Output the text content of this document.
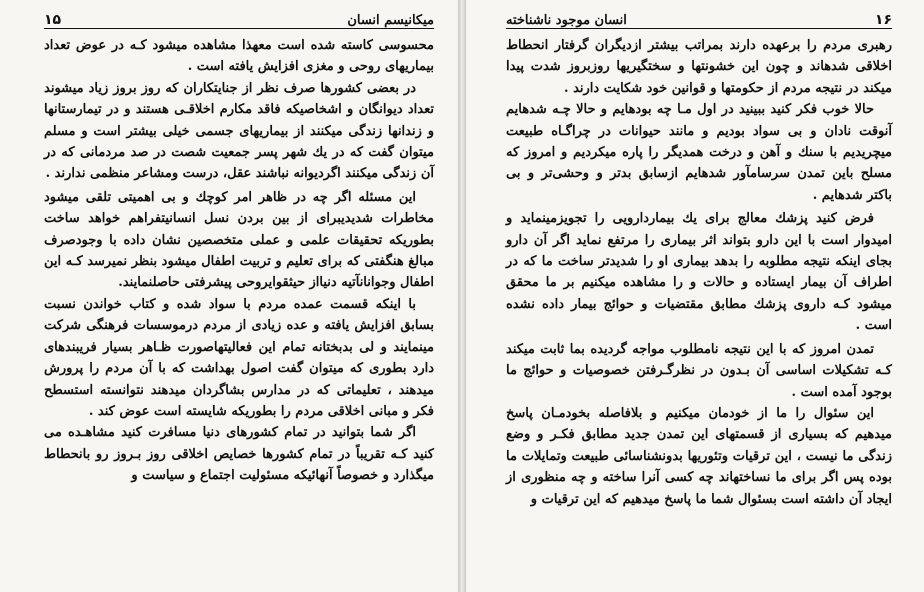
میکانیسم انسان
۱۵

محسوسی کاسته شده است معهذا مشاهده میشود کـه در عوض تعداد بیماریهای روحی و مغزی افزایش یافته است .

در بعضی کشورها صرف نظر از جنایتکاران که روز بروز زیاد میشوند تعداد دیوانگان و اشخاصیکه فاقد مکارم اخلاقـی هستند و در تیمارستانها و زندانها زندگی میکنند از بیماریهای جسمی خیلی بیشتر است و مسلم میتوان گفت که در یك شهر پسر جمعیت شصت در صد مردمانی که در آن زندگی میکنند اگردیوانه نباشند عقل، درست ومشاعر منظمی ندارند .

این مسئله اگر چه در ظاهر امر کوچك و بی اهمیتی تلقی میشود مخاطرات شدیدیبرای از بین بردن نسل انسانیتفراهم خواهد ساخت بطوریکه تحقیقات علمی و عملی متخصصین نشان داده با وجودصرف مبالغ هنگفتی که برای تعلیم و تربیت اطفال میشود بنظر نمیرسد کـه این اطفال وجوانانآتیه دنیااز حیثقوایروحی پیشرفتی حاصلنمایند.

با اینکه قسمت عمده مردم با سواد شده و کتاب خواندن نسبت بسابق افزایش یافته و عده زیادی از مردم درموسسات فرهنگی شرکت مینمایند و لی بدبختانه تمام این فعالیتهاصورت ظـاهر بسیار فریبندهای دارد بطوری که میتوان گفت اصول بهداشت که با آن مردم را پرورش میدهند ، تعلیماتی که در مدارس بشاگردان میدهند نتوانسته استسطح فکر و مبانی اخلاقی مردم را بطوریکه شایسته است عوض کند .

اگر شما بتوانید در تمام کشورهای دنیا مسافرت کنید مشاهـده می کنید کـه تقریباً در تمام کشورها خصایص اخلاقی روز بـروز رو بانحطاط میگذارد و خصوصاً آنهائیکه مسئولیت اجتماع و سیاست و

۱۶
انسان موجود ناشناخته

رهبری مردم را برعهده دارند بمراتب بیشتر ازدیگران گرفتار انحطاط اخلاقی شدهاند و چون این خشونتها و سختگیریها روزبروز شدت پیدا میکند در نتیجه مردم از حکومتها و قوانین خود شکایت دارند .

حالا خوب فکر کنید ببینید در اول مـا چه بودهایم و حالا چـه شدهایم آنوقت نادان و بی سواد بودیم و مانند حیوانات در چراگـاه طبیعت میچریدیم با سنك و آهن و درخت همدیگر را پاره میکردیم و امروز که مسلح باین تمدن سرسامآور شدهایم ازسابق بدتر و وحشی‌تر و بی باکتر شدهایم .

فرض کنید پزشك معالج برای یك بیماردارویی را تجویزمینماید و امیدوار است با این دارو بتواند اثر بیماری را مرتفع نماید اگر آن دارو بجای اینکه نتیجه مطلوبه را بدهد بیماری او را شدیدتر ساخت ما که در اطراف آن بیمار ایستاده و حالات و را مشاهده میکنیم بر ما محقق میشود کـه داروی پزشك مطابق مقتضیات و حوائج بیمار داده نشده است .

تمدن امروز که با این نتیجه نامطلوب مواجه گردیده بما ثابت میکند کـه تشکیلات اساسی آن بـدون در نظرگـرفتن خصوصیات و حوائج ما بوجود آمده است .

این سئوال را ما از خودمان میکنیم و بلافاصله بخودمـان پاسخ میدهیم که بسیاری از قسمتهای این تمدن جدید مطابق فکـر و وضع زندگی ما نیست ، این ترقیات وتئوریها بدونشناسائی طبیعت وتمایلات ما بوده پس اگر برای ما نساختهاند چه کسی آنرا ساخته و چه منظوری از ایجاد آن داشته است بسئوال شما ما پاسخ میدهیم که این ترقیات و
